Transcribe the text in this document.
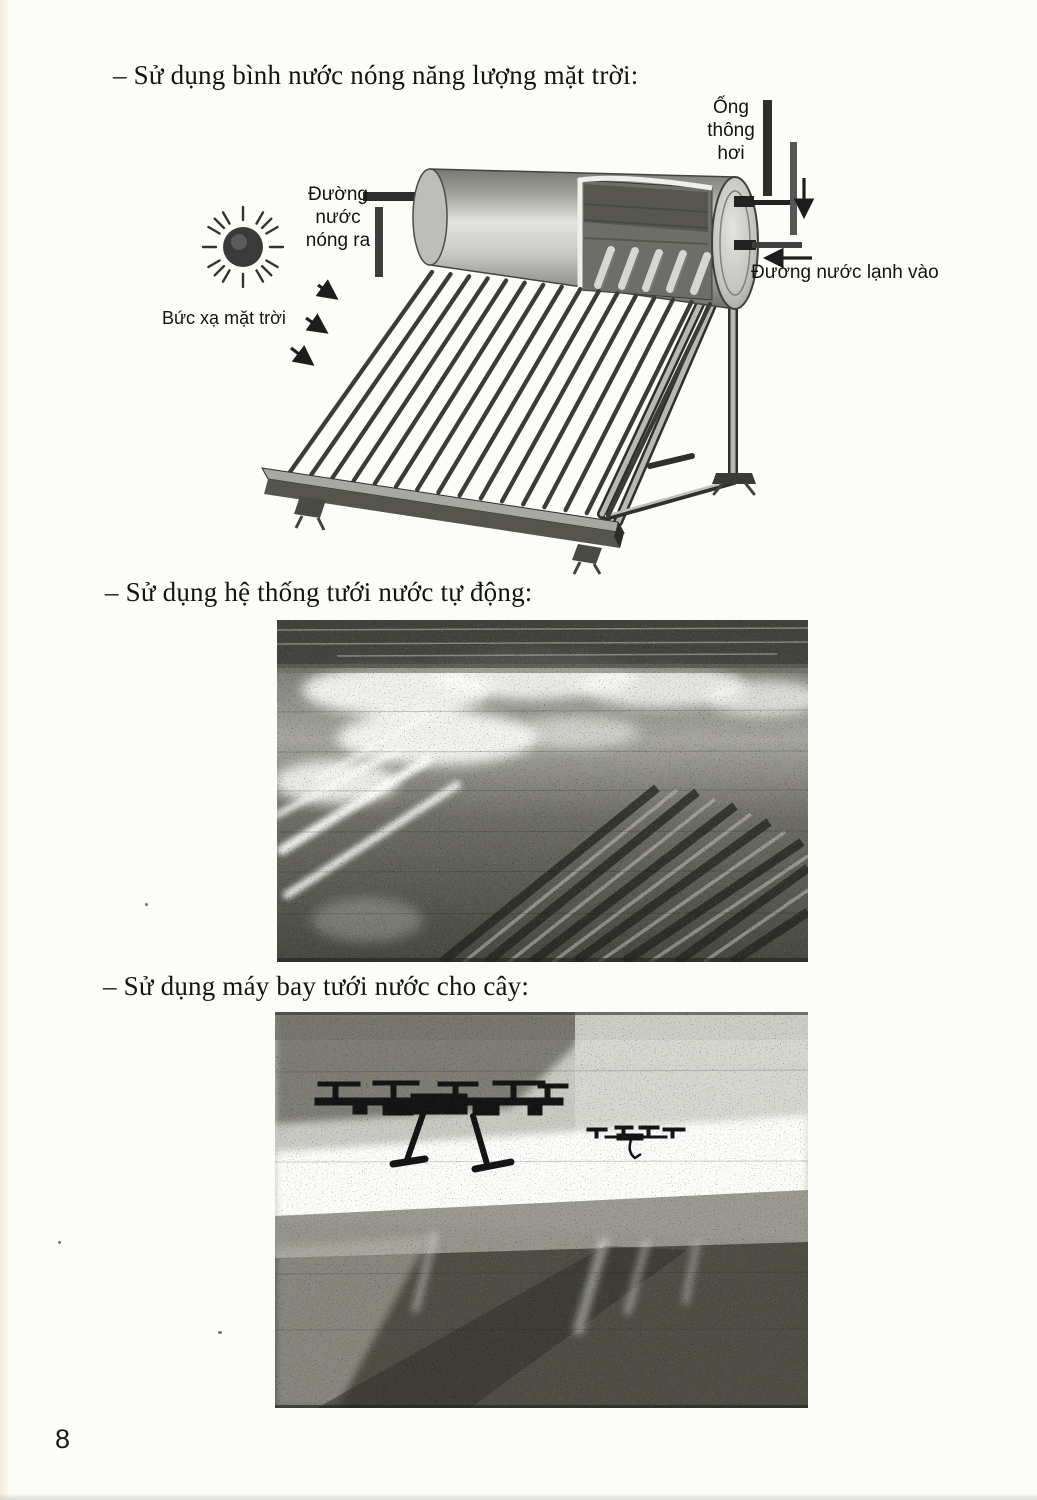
– Sử dụng bình nước nóng năng lượng mặt trời:
Ống thông hơi
Đường nước nóng ra
Bức xạ mặt trời
Đường nước lạnh vào
– Sử dụng hệ thống tưới nước tự động:
– Sử dụng máy bay tưới nước cho cây:
8
